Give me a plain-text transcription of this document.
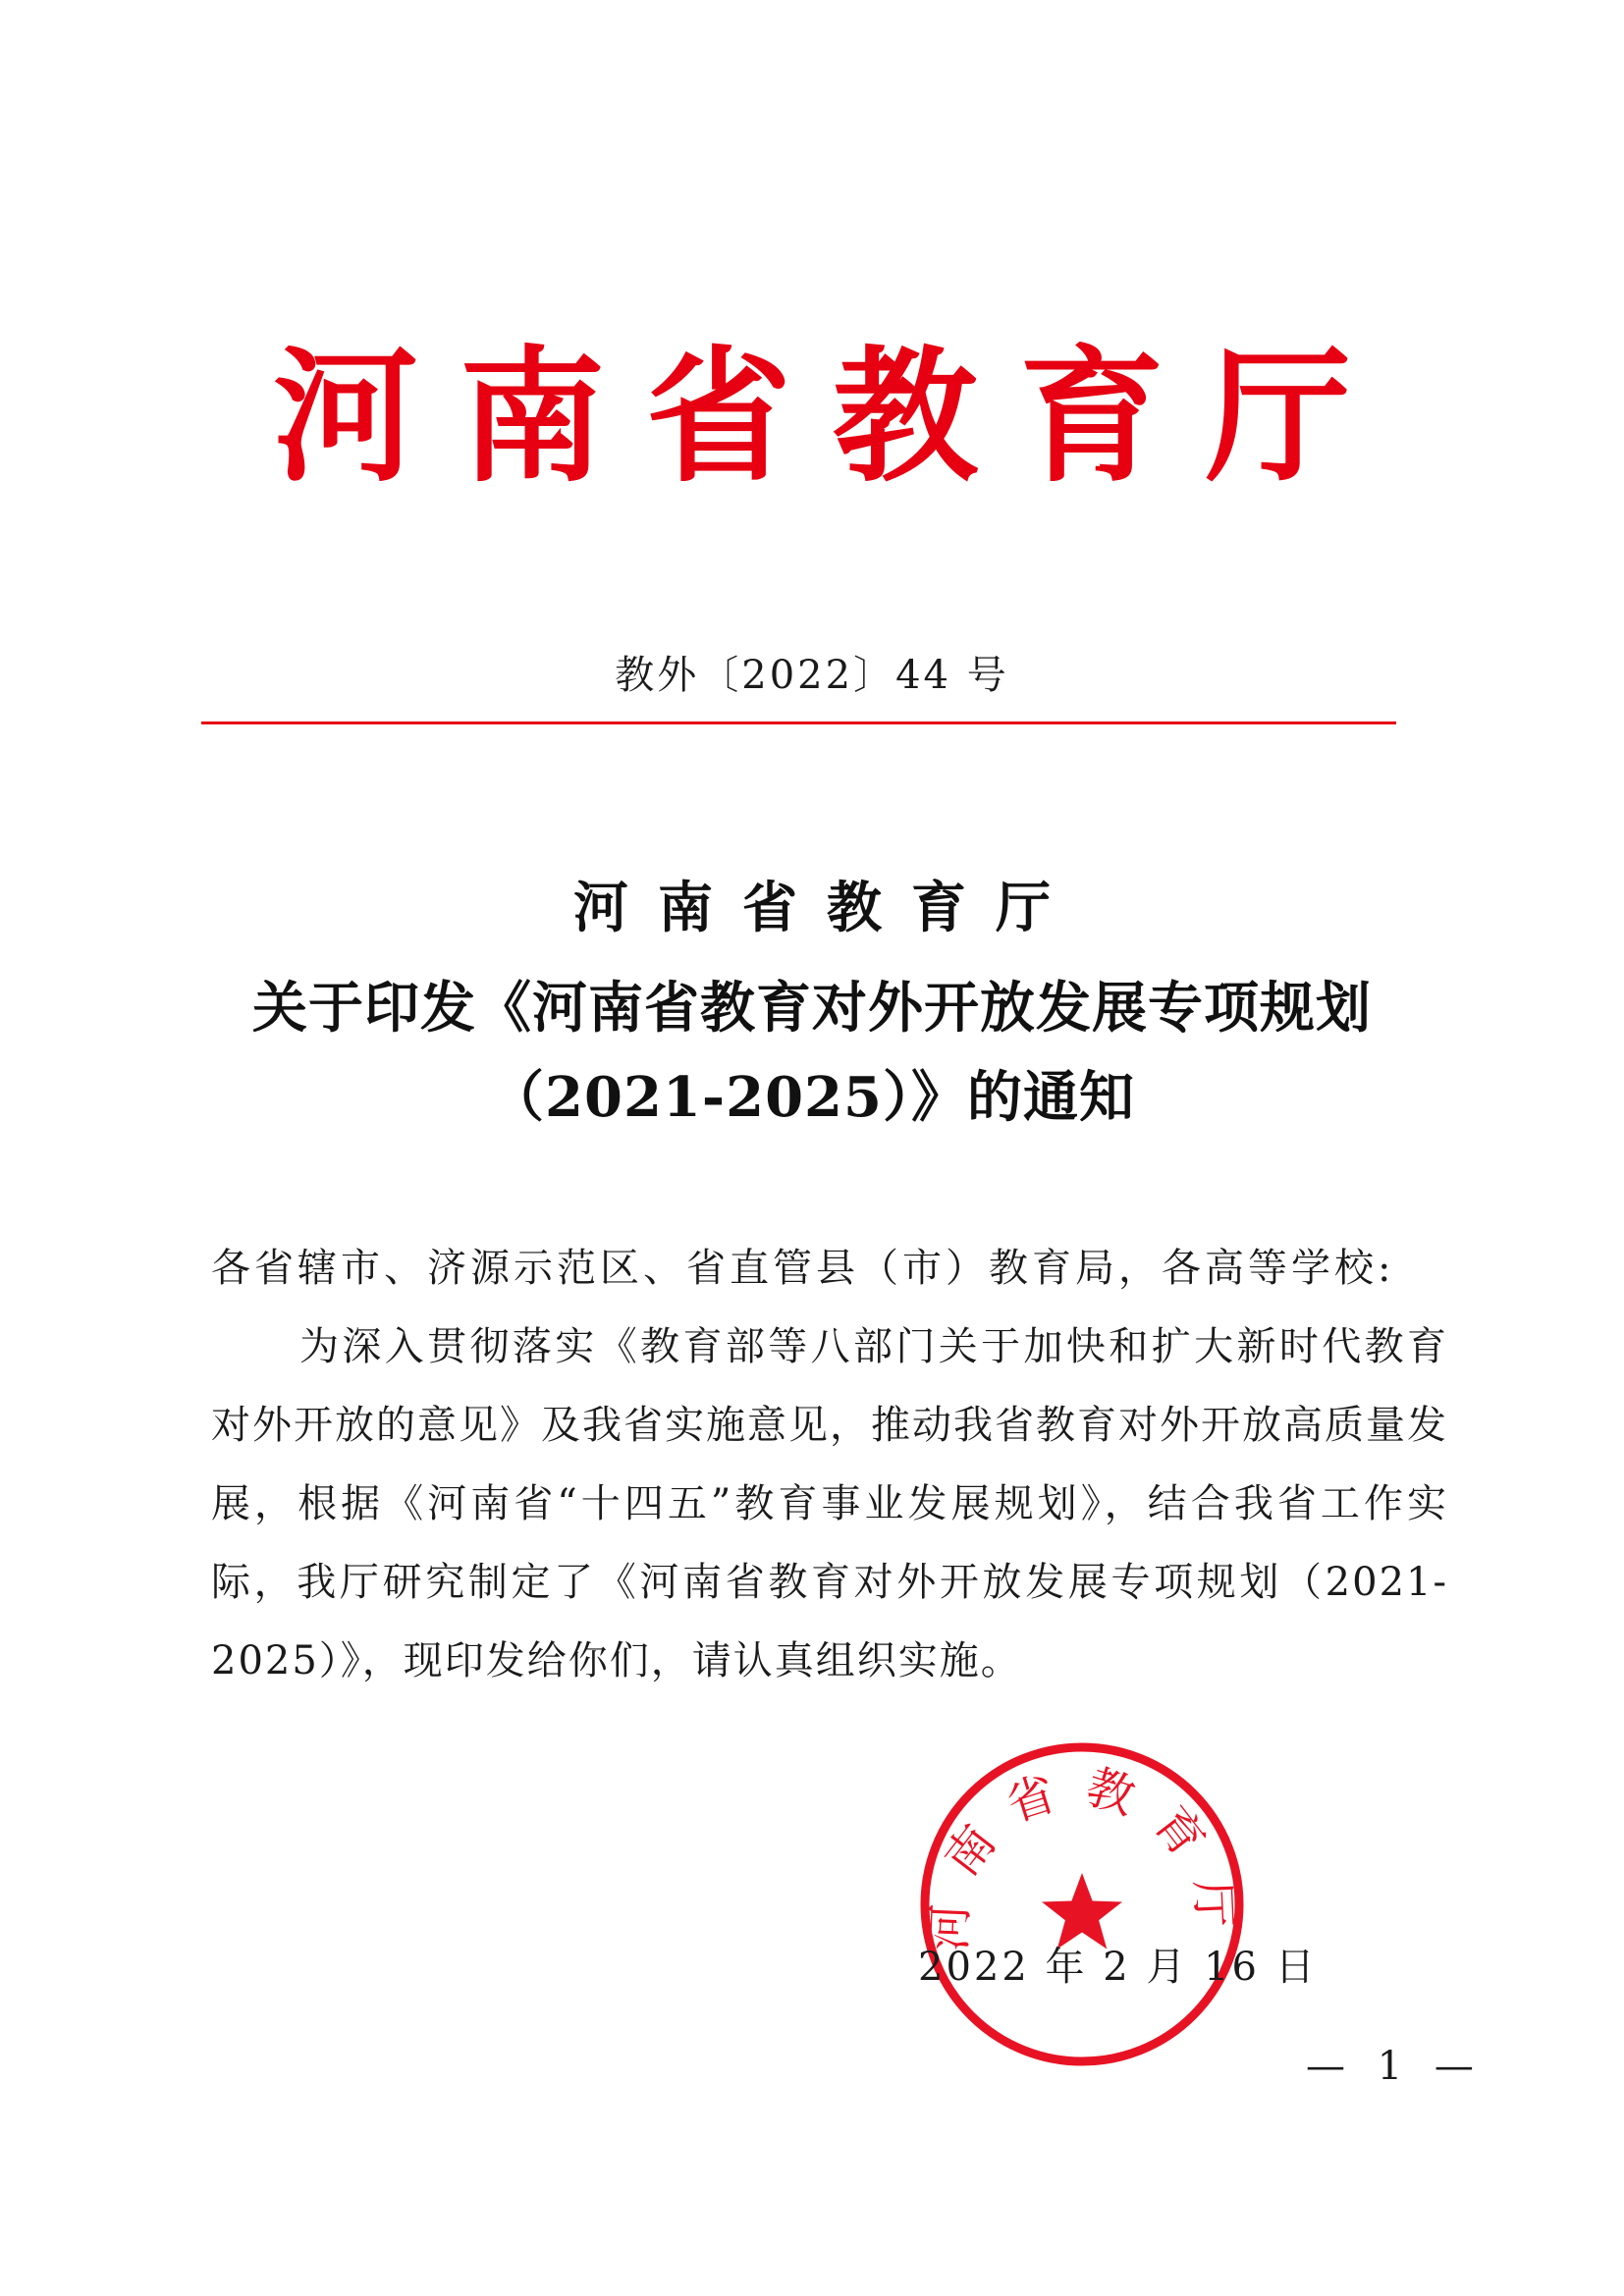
河南省教育厅
教外〔2022〕44 号
河南省教育厅
关于印发《河南省教育对外开放发展专项规划
（2021-2025）》的通知
各省辖市、济源示范区、省直管县（市）教育局，各高等学校:
为深入贯彻落实《教育部等八部门关于加快和扩大新时代教育对外开放的意见》及我省实施意见，推动我省教育对外开放高质量发展，根据《河南省“十四五”教育事业发展规划》，结合我省工作实际，我厅研究制定了《河南省教育对外开放发展专项规划（2021-2025）》，现印发给你们，请认真组织实施。
河南省教育厅
2022 年 2 月 16 日
— 1 —
